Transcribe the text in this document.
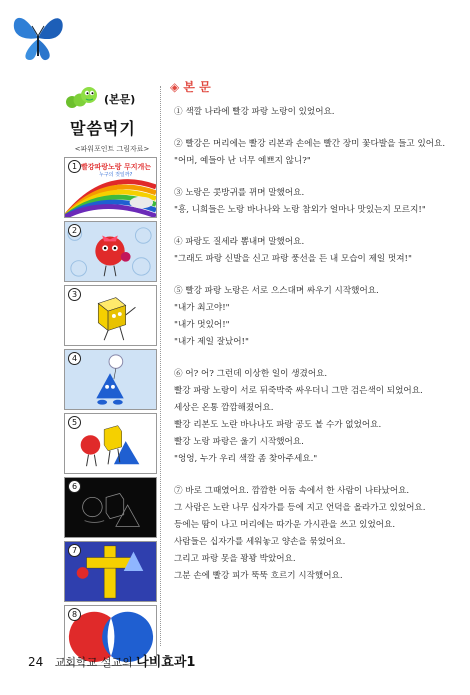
(본문)
말씀먹기
<파워포인트 그림자료>
빨강파랑노랑 무지개는
누구의 것일까?
1
2
3
4
5
6
7
8
◈ 본 문

① 색깔 나라에 빨강 파랑 노랑이 있었어요.

② 빨강은 머리에는 빨강 리본과 손에는 빨간 장미 꽃다발을 들고 있어요.

"어머, 예들아 난 너무 예쁘지 않니?"

③ 노랑은 콧방귀를 뀌며 말했어요.

"흥, 니희들은 노랑 바나나와 노랑 참외가 얼마나 맛있는지 모르지!"

④ 파랑도 질세라 뽐내며 말했어요.

"그래도 파랑 신발을 신고 파랑 풍선을 든 내 모습이 제일 멋져!"

⑤ 빨강 파랑 노랑은 서로 으스대며 싸우기 시작했어요.

"내가 최고야!"

"내가 멋있어!"

"내가 제일 잘났어!"

⑥ 어? 어? 그런데 이상한 일이 생겼어요.

빨강 파랑 노랑이 서로 뒤죽박죽 싸우더니 그만 검은색이 되었어요.

세상은 온통 깜깜해졌어요.

빨강 리본도 노란 바나나도 파랑 공도 볼 수가 없었어요.

빨강 노랑 파랑은 울기 시작했어요.

"엉엉, 누가 우리 색깔 좀 찾아주세요."

⑦ 바로 그때였어요. 깜깜한 어둠 속에서 한 사람이 나타났어요.

그 사람은 노란 나무 십자가를 등에 지고 언덕을 올라가고 있었어요.

등에는 땀이 나고 머리에는 따가운 가시관을 쓰고 있었어요.

사람들은 십자가를 세워놓고 양손을 묶었어요.

그리고 파랑 못을 꽝꽝 박았어요.

그분 손에 빨강 피가 뚝뚝 흐르기 시작했어요.

24 교회학교 설교의 나비효과1
